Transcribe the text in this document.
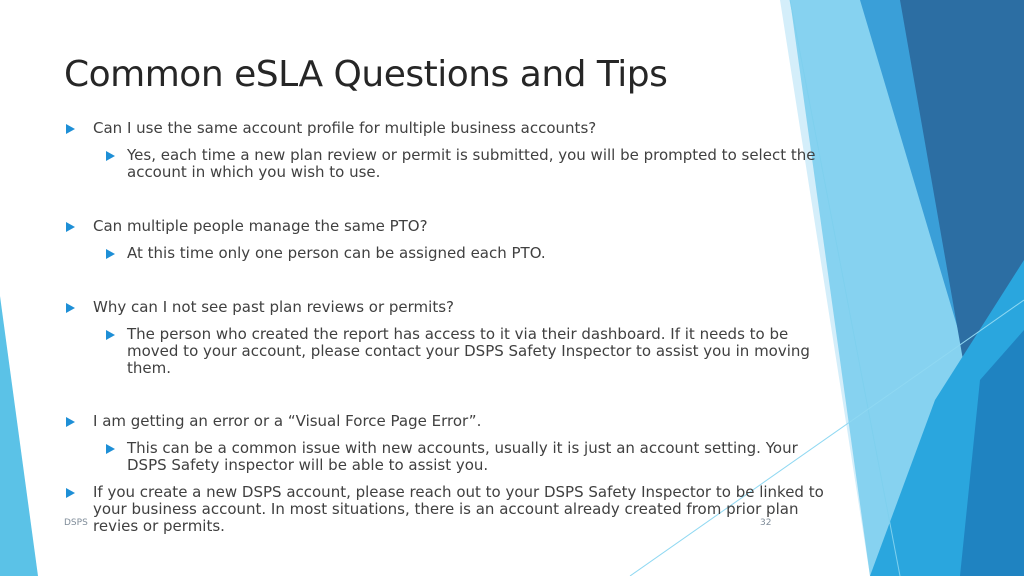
Common eSLA Questions and Tips

Can I use the same account profile for multiple business accounts?

Yes, each time a new plan review or permit is submitted, you will be prompted to select the account in which you wish to use.

Can multiple people manage the same PTO?

At this time only one person can be assigned each PTO.

Why can I not see past plan reviews or permits?

The person who created the report has access to it via their dashboard. If it needs to be moved to your account, please contact your DSPS Safety Inspector to assist you in moving them.

I am getting an error or a “Visual Force Page Error”.

This can be a common issue with new accounts, usually it is just an account setting. Your DSPS Safety inspector will be able to assist you.

If you create a new DSPS account, please reach out to your DSPS Safety Inspector to be linked to your business account. In most situations, there is an account already created from prior plan revies or permits.

DSPS	32
